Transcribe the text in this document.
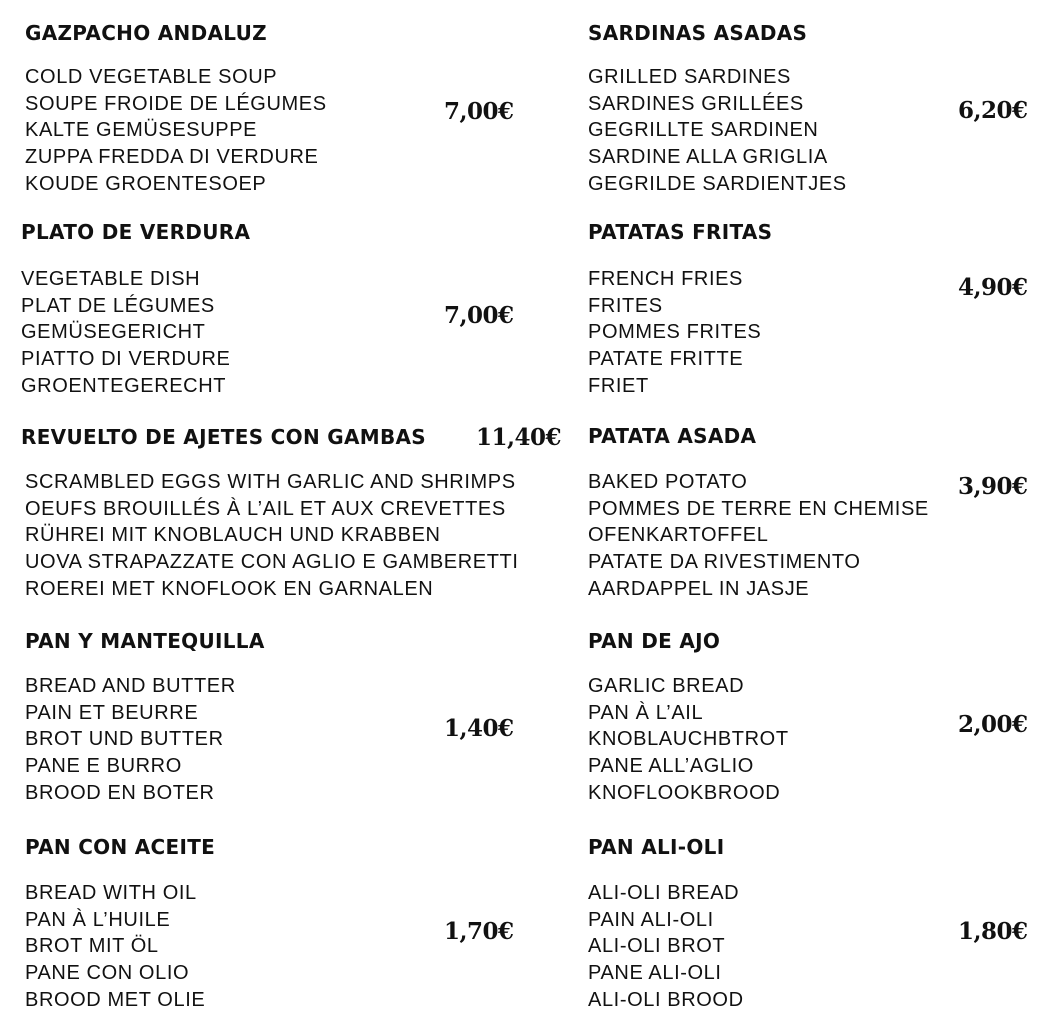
GAZPACHO ANDALUZ
COLD VEGETABLE SOUP
SOUPE FROIDE DE LÉGUMES
KALTE GEMÜSESUPPE
ZUPPA FREDDA DI VERDURE
KOUDE GROENTESOEP
7,00€
PLATO DE VERDURA
VEGETABLE DISH
PLAT DE LÉGUMES
GEMÜSEGERICHT
PIATTO DI VERDURE
GROENTEGERECHT
7,00€
REVUELTO DE AJETES CON GAMBAS
SCRAMBLED EGGS WITH GARLIC AND SHRIMPS
OEUFS BROUILLÉS À L’AIL ET AUX CREVETTES
RÜHREI MIT KNOBLAUCH UND KRABBEN
UOVA STRAPAZZATE CON AGLIO E GAMBERETTI
ROEREI MET KNOFLOOK EN GARNALEN
11,40€
PAN Y MANTEQUILLA
BREAD AND BUTTER
PAIN ET BEURRE
BROT UND BUTTER
PANE E BURRO
BROOD EN BOTER
1,40€
PAN CON ACEITE
BREAD WITH OIL
PAN À L’HUILE
BROT MIT ÖL
PANE CON OLIO
BROOD MET OLIE
1,70€
SARDINAS ASADAS
GRILLED SARDINES
SARDINES GRILLÉES
GEGRILLTE SARDINEN
SARDINE ALLA GRIGLIA
GEGRILDE SARDIENTJES
6,20€
PATATAS FRITAS
FRENCH FRIES
FRITES
POMMES FRITES
PATATE FRITTE
FRIET
4,90€
PATATA ASADA
BAKED POTATO
POMMES DE TERRE EN CHEMISE
OFENKARTOFFEL
PATATE DA RIVESTIMENTO
AARDAPPEL IN JASJE
3,90€
PAN DE AJO
GARLIC BREAD
PAN À L’AIL
KNOBLAUCHBTROT
PANE ALL’AGLIO
KNOFLOOKBROOD
2,00€
PAN ALI-OLI
ALI-OLI BREAD
PAIN ALI-OLI
ALI-OLI BROT
PANE ALI-OLI
ALI-OLI BROOD
1,80€
